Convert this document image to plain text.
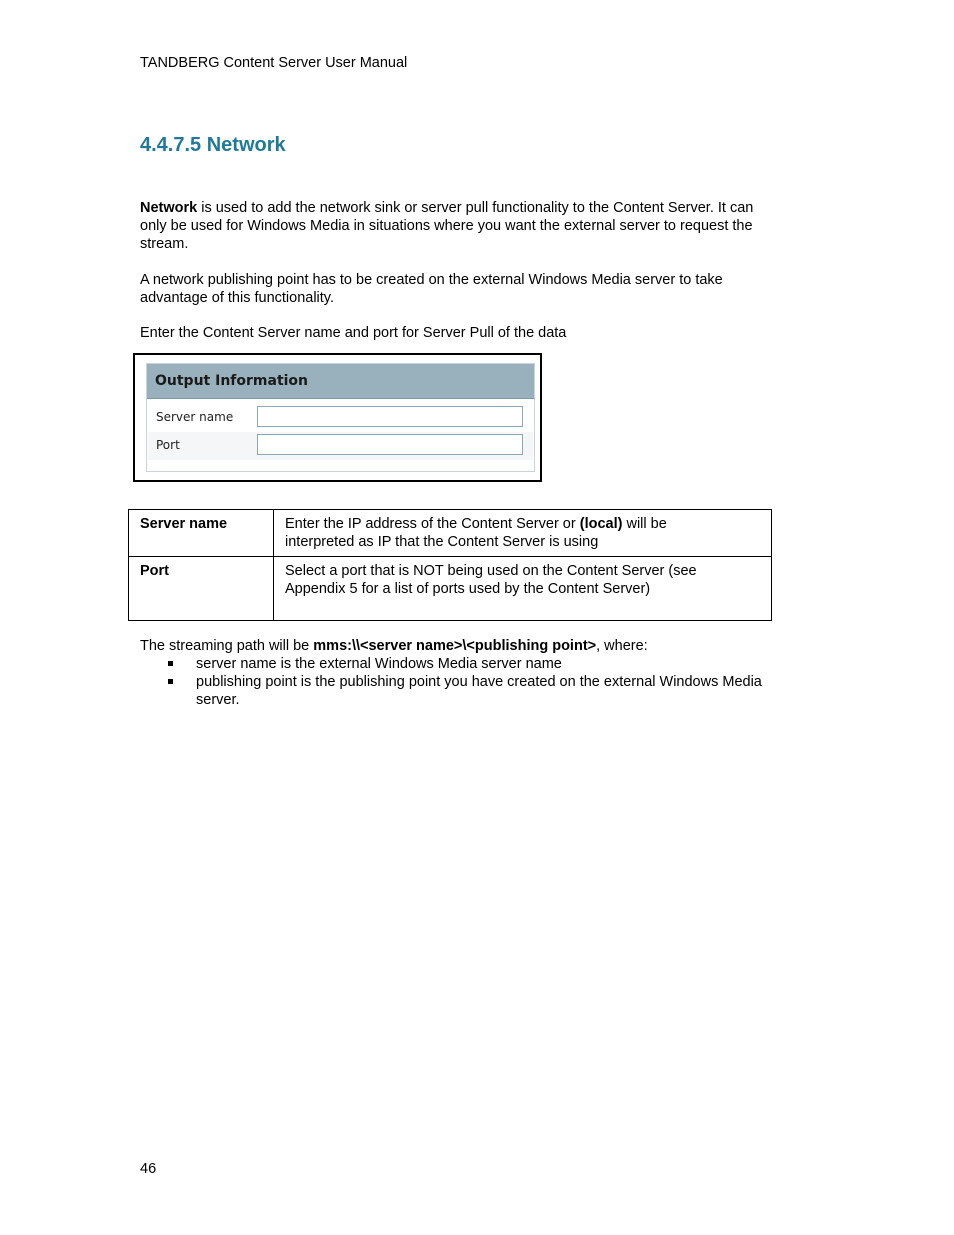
TANDBERG Content Server User Manual
4.4.7.5 Network
Network is used to add the network sink or server pull functionality to the Content Server. It can
only be used for Windows Media in situations where you want the external server to request the
stream.
A network publishing point has to be created on the external Windows Media server to take
advantage of this functionality.
Enter the Content Server name and port for Server Pull of the data
Output Information
Server name
Port
Server name	Enter the IP address of the Content Server or (local) will be
interpreted as IP that the Content Server is using

Port	Select a port that is NOT being used on the Content Server (see
Appendix 5 for a list of ports used by the Content Server)
The streaming path will be mms:\\<server name>\<publishing point>, where:
server name is the external Windows Media server name
publishing point is the publishing point you have created on the external Windows Media
server.
46
